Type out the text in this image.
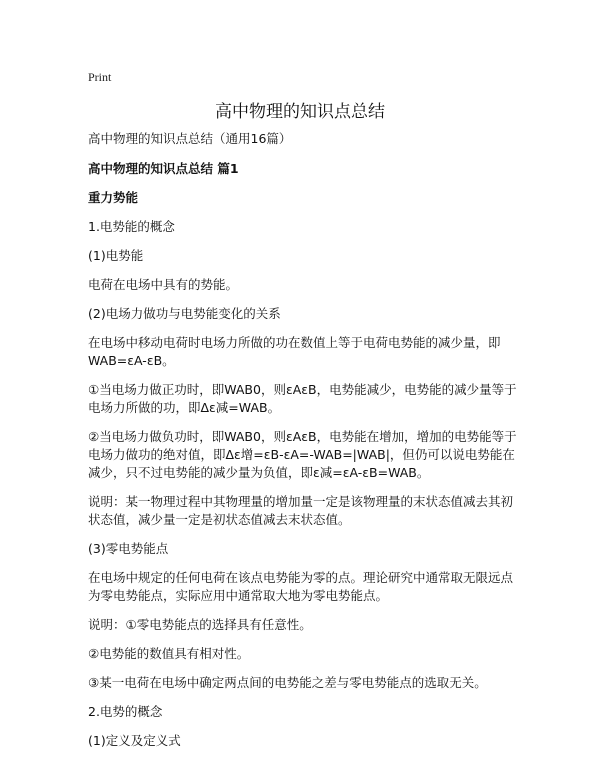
Print
高中物理的知识点总结

高中物理的知识点总结（通用16篇）

高中物理的知识点总结 篇1

重力势能

1.电势能的概念

(1)电势能

电荷在电场中具有的势能。

(2)电场力做功与电势能变化的关系

在电场中移动电荷时电场力所做的功在数值上等于电荷电势能的减少量，即WAB=εA-εB。

①当电场力做正功时，即WAB0，则εAεB，电势能减少，电势能的减少量等于电场力所做的功，即Δε减=WAB。

②当电场力做负功时，即WAB0，则εAεB，电势能在增加，增加的电势能等于电场力做功的绝对值，即Δε增=εB-εA=-WAB=|WAB|，但仍可以说电势能在减少，只不过电势能的减少量为负值，即ε减=εA-εB=WAB。

说明：某一物理过程中其物理量的增加量一定是该物理量的末状态值减去其初状态值，减少量一定是初状态值减去末状态值。

(3)零电势能点

在电场中规定的任何电荷在该点电势能为零的点。理论研究中通常取无限远点为零电势能点，实际应用中通常取大地为零电势能点。

说明：①零电势能点的选择具有任意性。

②电势能的数值具有相对性。

③某一电荷在电场中确定两点间的电势能之差与零电势能点的选取无关。

2.电势的概念

(1)定义及定义式
